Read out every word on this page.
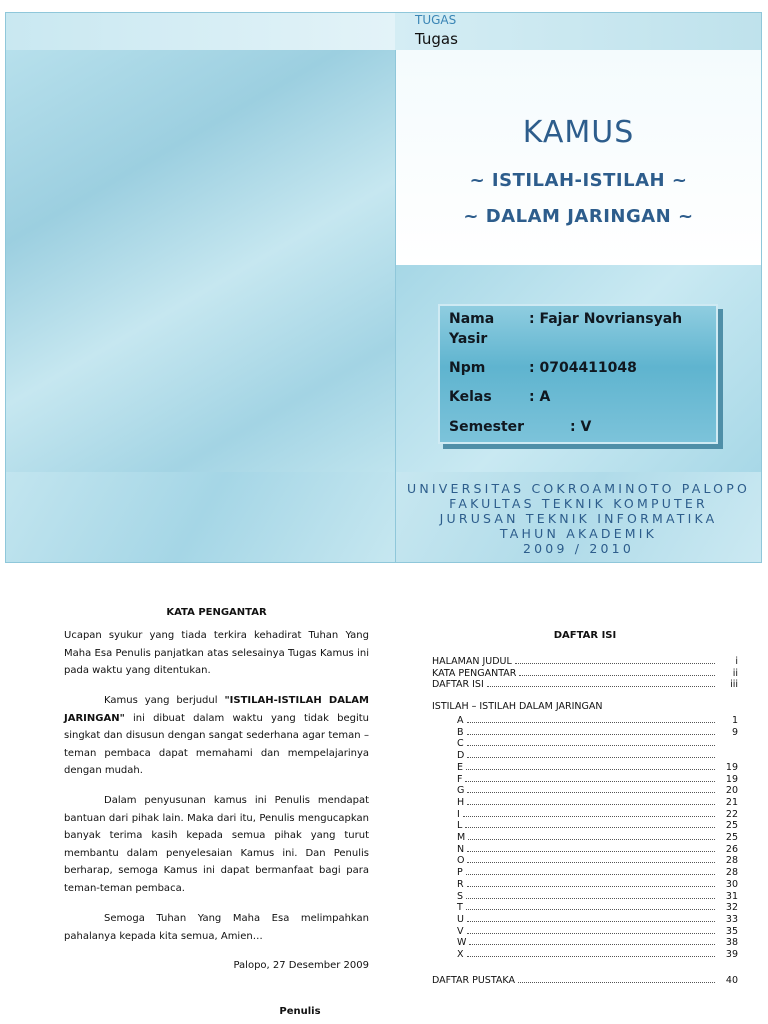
TUGAS
Tugas
KAMUS
~ ISTILAH-ISTILAH ~
~ DALAM JARINGAN ~
Nama : Fajar Novriansyah
Yasir
Npm	: 0704411048
Kelas	: A
Semester	: V
UNIVERSITAS COKROAMINOTO PALOPO
FAKULTAS TEKNIK KOMPUTER
JURUSAN TEKNIK INFORMATIKA
TAHUN AKADEMIK
2009 / 2010
KATA PENGANTAR
Ucapan syukur yang tiada terkira kehadirat Tuhan Yang Maha Esa Penulis panjatkan atas selesainya Tugas Kamus ini pada waktu yang ditentukan.
Kamus yang berjudul "ISTILAH-ISTILAH DALAM JARINGAN" ini dibuat dalam waktu yang tidak begitu singkat dan disusun dengan sangat sederhana agar teman – teman pembaca dapat memahami dan mempelajarinya dengan mudah.
Dalam penyusunan kamus ini Penulis mendapat bantuan dari pihak lain. Maka dari itu, Penulis mengucapkan banyak terima kasih kepada semua pihak yang turut membantu dalam penyelesaian Kamus ini. Dan Penulis berharap, semoga Kamus ini dapat bermanfaat bagi para teman-teman pembaca.
Semoga Tuhan Yang Maha Esa melimpahkan pahalanya kepada kita semua, Amien…
Palopo, 27 Desember 2009
Penulis
DAFTAR ISI
HALAMAN JUDUL	i
KATA PENGANTAR	ii
DAFTAR ISI	iii
ISTILAH – ISTILAH DALAM JARINGAN
A	1
B	9
C
D
E	19
F	19
G	20
H	21
I	22
L	25
M	25
N	26
O	28
P	28
R	30
S	31
T	32
U	33
V	35
W	38
X	39
DAFTAR PUSTAKA	40
